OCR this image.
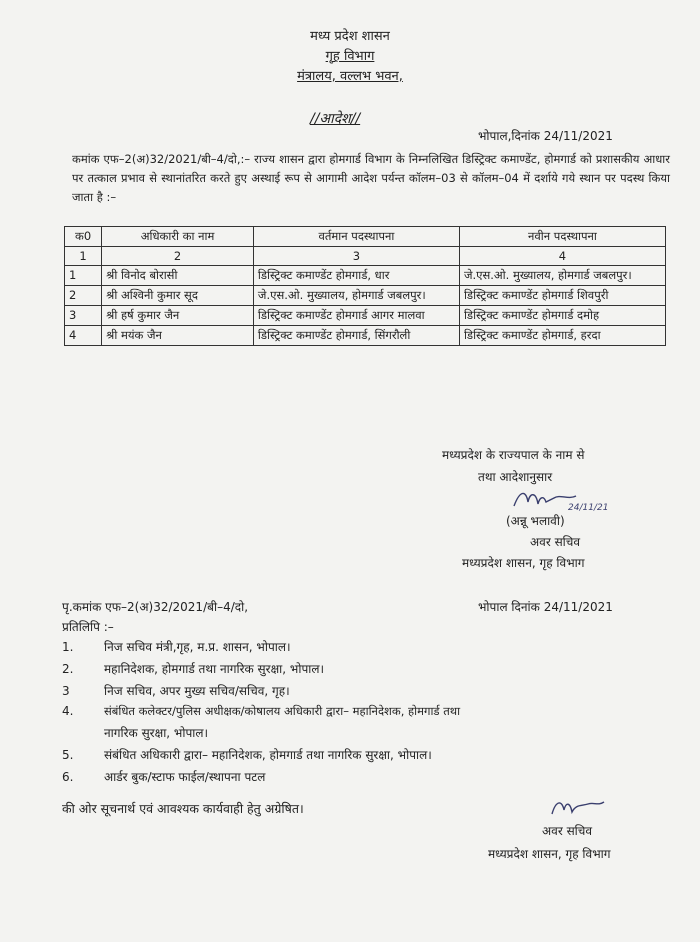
मध्य प्रदेश शासन
गृह विभाग
मंत्रालय, वल्लभ भवन,
//आदेश//
भोपाल,दिनांक 24/11/2021
कमांक एफ–2(अ)32/2021/बी–4/दो,:– राज्य शासन द्वारा होमगार्ड विभाग के निम्नलिखित डिस्ट्रिक्ट कमाण्डेंट, होमगार्ड को प्रशासकीय आधार पर तत्काल प्रभाव से स्थानांतरित करते हुए अस्थाई रूप से आगामी आदेश पर्यन्त कॉलम–03 से कॉलम–04 में दर्शाये गये स्थान पर पदस्थ किया जाता है :–
क0	अधिकारी का नाम	वर्तमान पदस्थापना	नवीन पदस्थापना
1	2	3	4
1	श्री विनोद बोरासी	डिस्ट्रिक्ट कमाण्डेंट होमगार्ड, धार	जे.एस.ओ. मुख्यालय, होमगार्ड जबलपुर।
2	श्री अश्विनी कुमार सूद	जे.एस.ओ. मुख्यालय, होमगार्ड जबलपुर।	डिस्ट्रिक्ट कमाण्डेंट होमगार्ड शिवपुरी
3	श्री हर्ष कुमार जैन	डिस्ट्रिक्ट कमाण्डेंट होमगार्ड आगर मालवा	डिस्ट्रिक्ट कमाण्डेंट होमगार्ड दमोह
4	श्री मयंक जैन	डिस्ट्रिक्ट कमाण्डेंट होमगार्ड, सिंगरौली	डिस्ट्रिक्ट कमाण्डेंट होमगार्ड, हरदा
मध्यप्रदेश के राज्यपाल के नाम से
तथा आदेशानुसार
24/11/21
(अन्नू भलावी)
अवर सचिव
मध्यप्रदेश शासन, गृह विभाग
पृ.कमांक एफ–2(अ)32/2021/बी–4/दो,	भोपाल दिनांक 24/11/2021
प्रतिलिपि :–
1.	निज सचिव मंत्री,गृह, म.प्र. शासन, भोपाल।
2.	महानिदेशक, होमगार्ड तथा नागरिक सुरक्षा, भोपाल।
3	निज सचिव, अपर मुख्य सचिव/सचिव, गृह।
4.	संबंधित कलेक्टर/पुलिस अधीक्षक/कोषालय अधिकारी द्वारा– महानिदेशक, होमगार्ड तथा
नागरिक सुरक्षा, भोपाल।
5.	संबंधित अधिकारी द्वारा– महानिदेशक, होमगार्ड तथा नागरिक सुरक्षा, भोपाल।
6.	आर्डर बुक/स्टाफ फाईल/स्थापना पटल
की ओर सूचनार्थ एवं आवश्यक कार्यवाही हेतु अग्रेषित।
अवर सचिव
मध्यप्रदेश शासन, गृह विभाग
